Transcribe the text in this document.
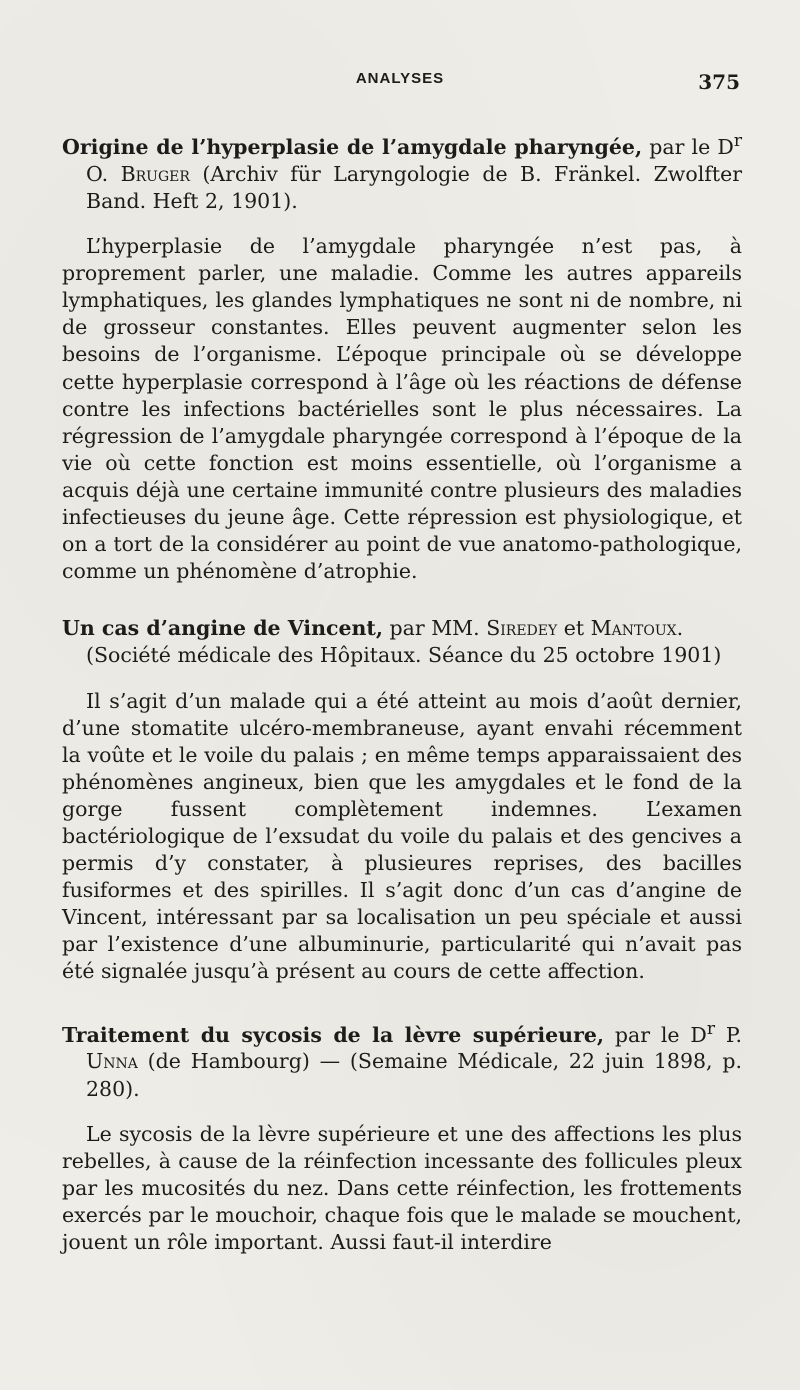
ANALYSES	375

Origine de l’hyperplasie de l’amygdale pharyngée, par le $D^r$ O. Bruger (Archiv für Laryngologie de B. Fränkel. Zwolfter Band. Heft 2, 1901).

L’hyperplasie de l’amygdale pharyngée n’est pas, à proprement parler, une maladie. Comme les autres appareils lymphatiques, les glandes lymphatiques ne sont ni de nombre, ni de grosseur constantes. Elles peuvent augmenter selon les besoins de l’organisme. L’époque principale où se développe cette hyperplasie correspond à l’âge où les réactions de défense contre les infections bactérielles sont le plus nécessaires. La régression de l’amygdale pharyngée correspond à l’époque de la vie où cette fonction est moins essentielle, où l’organisme a acquis déjà une certaine immunité contre plusieurs des maladies infectieuses du jeune âge. Cette répression est physiologique, et on a tort de la considérer au point de vue anatomo-pathologique, comme un phénomène d’atrophie.

Un cas d’angine de Vincent, par MM. Siredey et Mantoux.

(Société médicale des Hôpitaux. Séance du 25 octobre 1901)

Il s’agit d’un malade qui a été atteint au mois d’août dernier, d’une stomatite ulcéro-membraneuse, ayant envahi récemment la voûte et le voile du palais ; en même temps apparaissaient des phénomènes angineux, bien que les amygdales et le fond de la gorge fussent complètement indemnes. L’examen bactériologique de l’exsudat du voile du palais et des gencives a permis d’y constater, à plusieures reprises, des bacilles fusiformes et des spirilles. Il s’agit donc d’un cas d’angine de Vincent, intéressant par sa localisation un peu spéciale et aussi par l’existence d’une albuminurie, particularité qui n’avait pas été signalée jusqu’à présent au cours de cette affection.

Traitement du sycosis de la lèvre supérieure, par le $D^r$ P. Unna (de Hambourg) — (Semaine Médicale, 22 juin 1898, p. 280).

Le sycosis de la lèvre supérieure et une des affections les plus rebelles, à cause de la réinfection incessante des follicules pleux par les mucosités du nez. Dans cette réinfection, les frottements exercés par le mouchoir, chaque fois que le malade se mouchent, jouent un rôle important. Aussi faut-il interdire
